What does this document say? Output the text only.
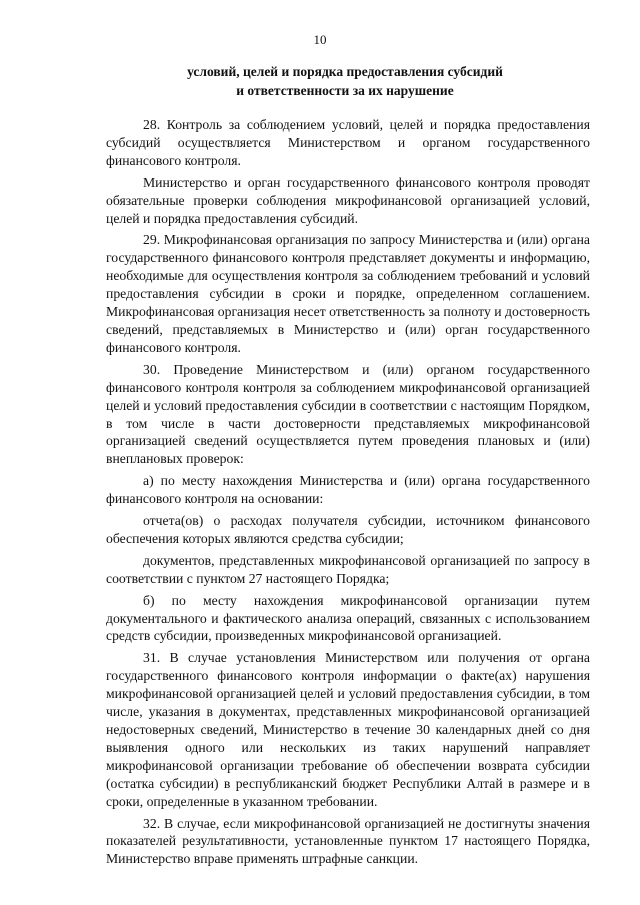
10
условий, целей и порядка предоставления субсидий
и ответственности за их нарушение

28. Контроль за соблюдением условий, целей и порядка предоставления субсидий осуществляется Министерством и органом государственного финансового контроля.

Министерство и орган государственного финансового контроля проводят обязательные проверки соблюдения микрофинансовой организацией условий, целей и порядка предоставления субсидий.

29. Микрофинансовая организация по запросу Министерства и (или) органа государственного финансового контроля представляет документы и информацию, необходимые для осуществления контроля за соблюдением требований и условий предоставления субсидии в сроки и порядке, определенном соглашением. Микрофинансовая организация несет ответственность за полноту и достоверность сведений, представляемых в Министерство и (или) орган государственного финансового контроля.

30. Проведение Министерством и (или) органом государственного финансового контроля контроля за соблюдением микрофинансовой организацией целей и условий предоставления субсидии в соответствии с настоящим Порядком, в том числе в части достоверности представляемых микрофинансовой организацией сведений осуществляется путем проведения плановых и (или) внеплановых проверок:

а) по месту нахождения Министерства и (или) органа государственного финансового контроля на основании:

отчета(ов) о расходах получателя субсидии, источником финансового обеспечения которых являются средства субсидии;

документов, представленных микрофинансовой организацией по запросу в соответствии с пунктом 27 настоящего Порядка;

б) по месту нахождения микрофинансовой организации путем документального и фактического анализа операций, связанных с использованием средств субсидии, произведенных микрофинансовой организацией.

31. В случае установления Министерством или получения от органа государственного финансового контроля информации о факте(ах) нарушения микрофинансовой организацией целей и условий предоставления субсидии, в том числе, указания в документах, представленных микрофинансовой организацией недостоверных сведений, Министерство в течение 30 календарных дней со дня выявления одного или нескольких из таких нарушений направляет микрофинансовой организации требование об обеспечении возврата субсидии (остатка субсидии) в республиканский бюджет Республики Алтай в размере и в сроки, определенные в указанном требовании.

32. В случае, если микрофинансовой организацией не достигнуты значения показателей результативности, установленные пунктом 17 настоящего Порядка, Министерство вправе применять штрафные санкции.
